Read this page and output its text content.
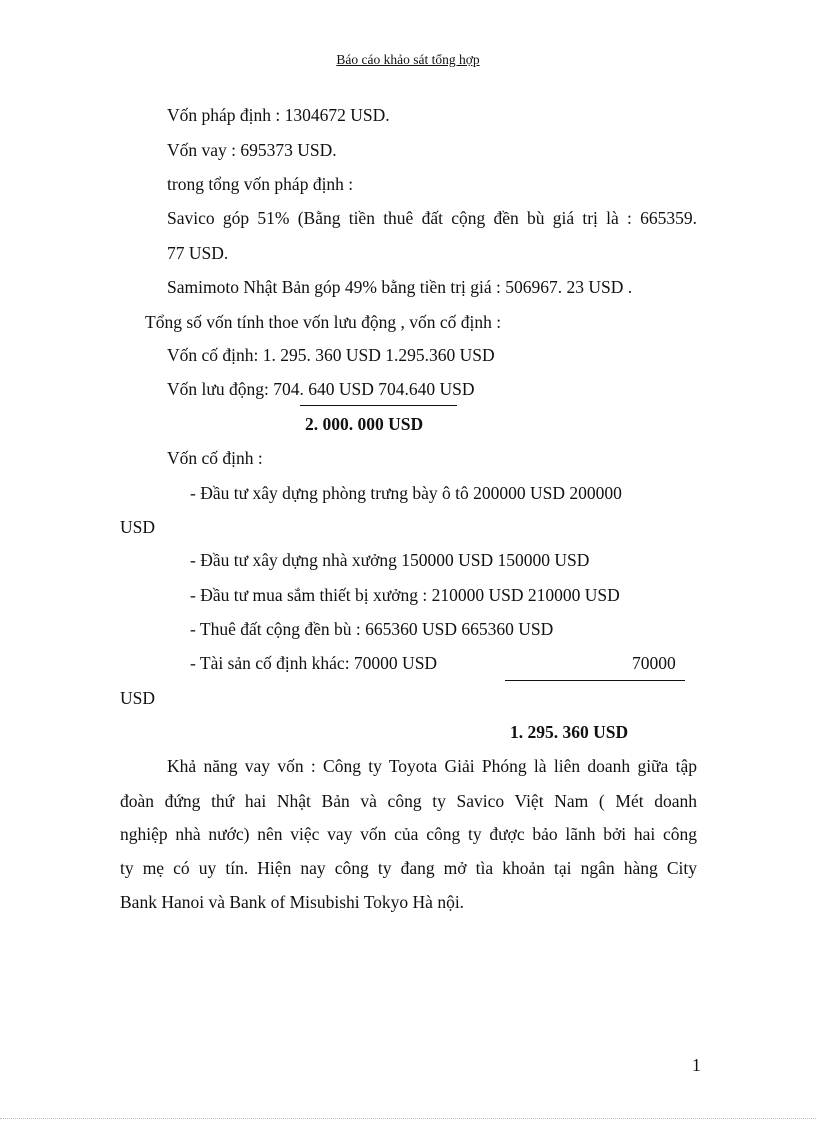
Báo cáo khảo sát tổng hợp
Vốn pháp định : 1304672 USD.
Vốn vay : 695373 USD.
trong tổng vốn pháp định :
Savico góp 51% (Bằng tiền thuê đất cộng đền bù giá trị là : 665359.
77 USD.
Samimoto Nhật Bản góp 49% bằng tiền trị giá : 506967. 23 USD .
Tổng số vốn tính thoe vốn lưu động , vốn cố định :
Vốn cố định: 1. 295. 360 USD 1.295.360 USD
Vốn lưu động: 704. 640 USD 704.640 USD
2. 000. 000 USD
Vốn cố định :
- Đầu tư xây dựng phòng trưng bày ô tô 200000 USD 200000
USD
- Đầu tư xây dựng nhà xưởng 150000 USD 150000 USD
- Đầu tư mua sắm thiết bị xưởng : 210000 USD 210000 USD
- Thuê đất cộng đền bù : 665360 USD 665360 USD
- Tài sản cố định khác: 70000 USD	70000
USD
1. 295. 360 USD
Khả năng vay vốn : Công ty Toyota Giải Phóng là liên doanh giữa tập
đoàn đứng thứ hai Nhật Bản và công ty Savico Việt Nam ( Mét doanh
nghiệp nhà nước) nên việc vay vốn của công ty được bảo lãnh bởi hai công
ty mẹ có uy tín. Hiện nay công ty đang mở tìa khoản tại ngân hàng City
Bank Hanoi và Bank of Misubishi Tokyo Hà nội.
1
